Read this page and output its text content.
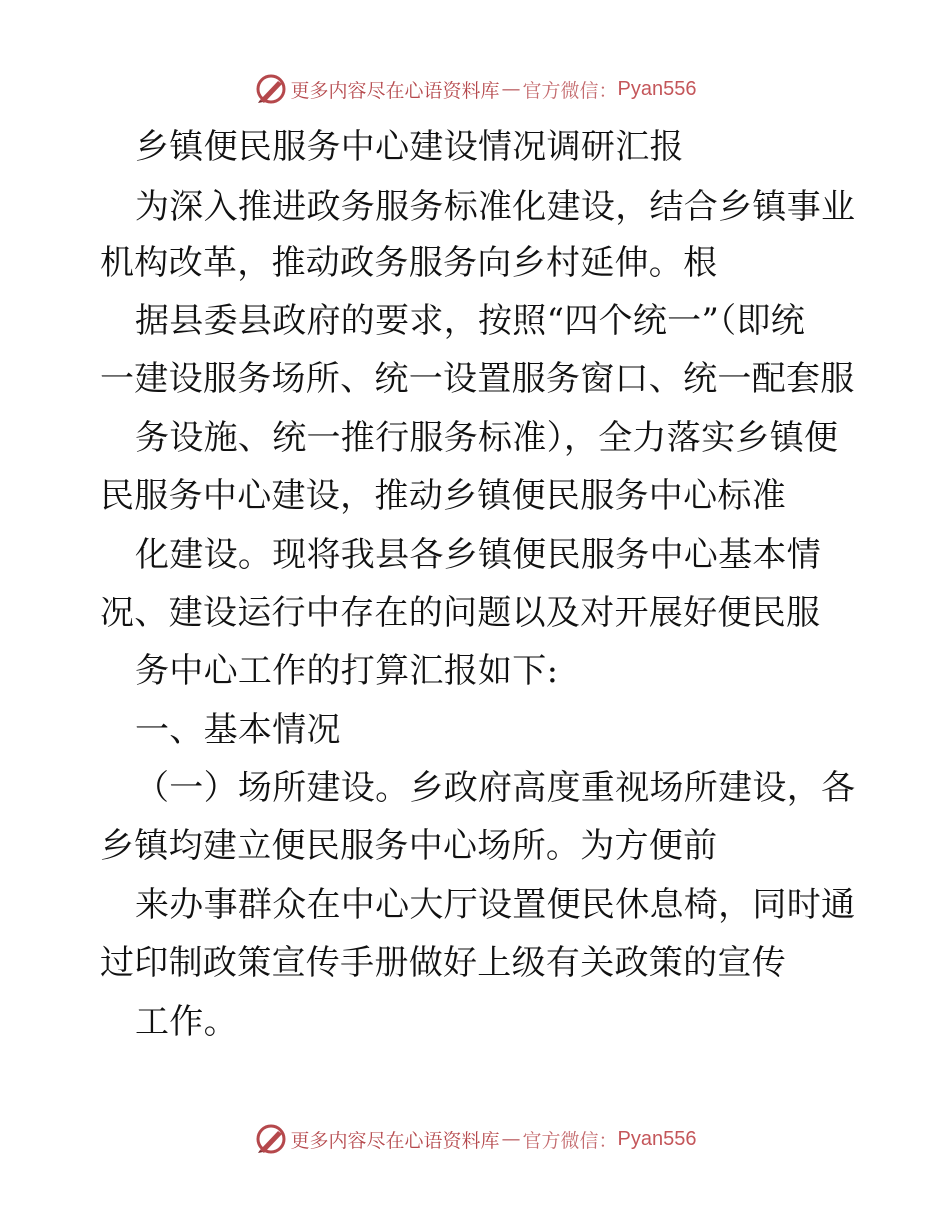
更多内容尽在心语资料库 — 官方微信： Pyan556
乡镇便民服务中心建设情况调研汇报
为深入推进政务服务标准化建设，结合乡镇事业
机构改革，推动政务服务向乡村延伸。根
据县委县政府的要求，按照“四个统一”（即统
一建设服务场所、统一设置服务窗口、统一配套服
务设施、统一推行服务标准），全力落实乡镇便
民服务中心建设，推动乡镇便民服务中心标准
化建设。现将我县各乡镇便民服务中心基本情
况、建设运行中存在的问题以及对开展好便民服
务中心工作的打算汇报如下:
一、基本情况
（一）场所建设。乡政府高度重视场所建设，各
乡镇均建立便民服务中心场所。为方便前
来办事群众在中心大厅设置便民休息椅，同时通
过印制政策宣传手册做好上级有关政策的宣传
工作。
更多内容尽在心语资料库 — 官方微信： Pyan556
